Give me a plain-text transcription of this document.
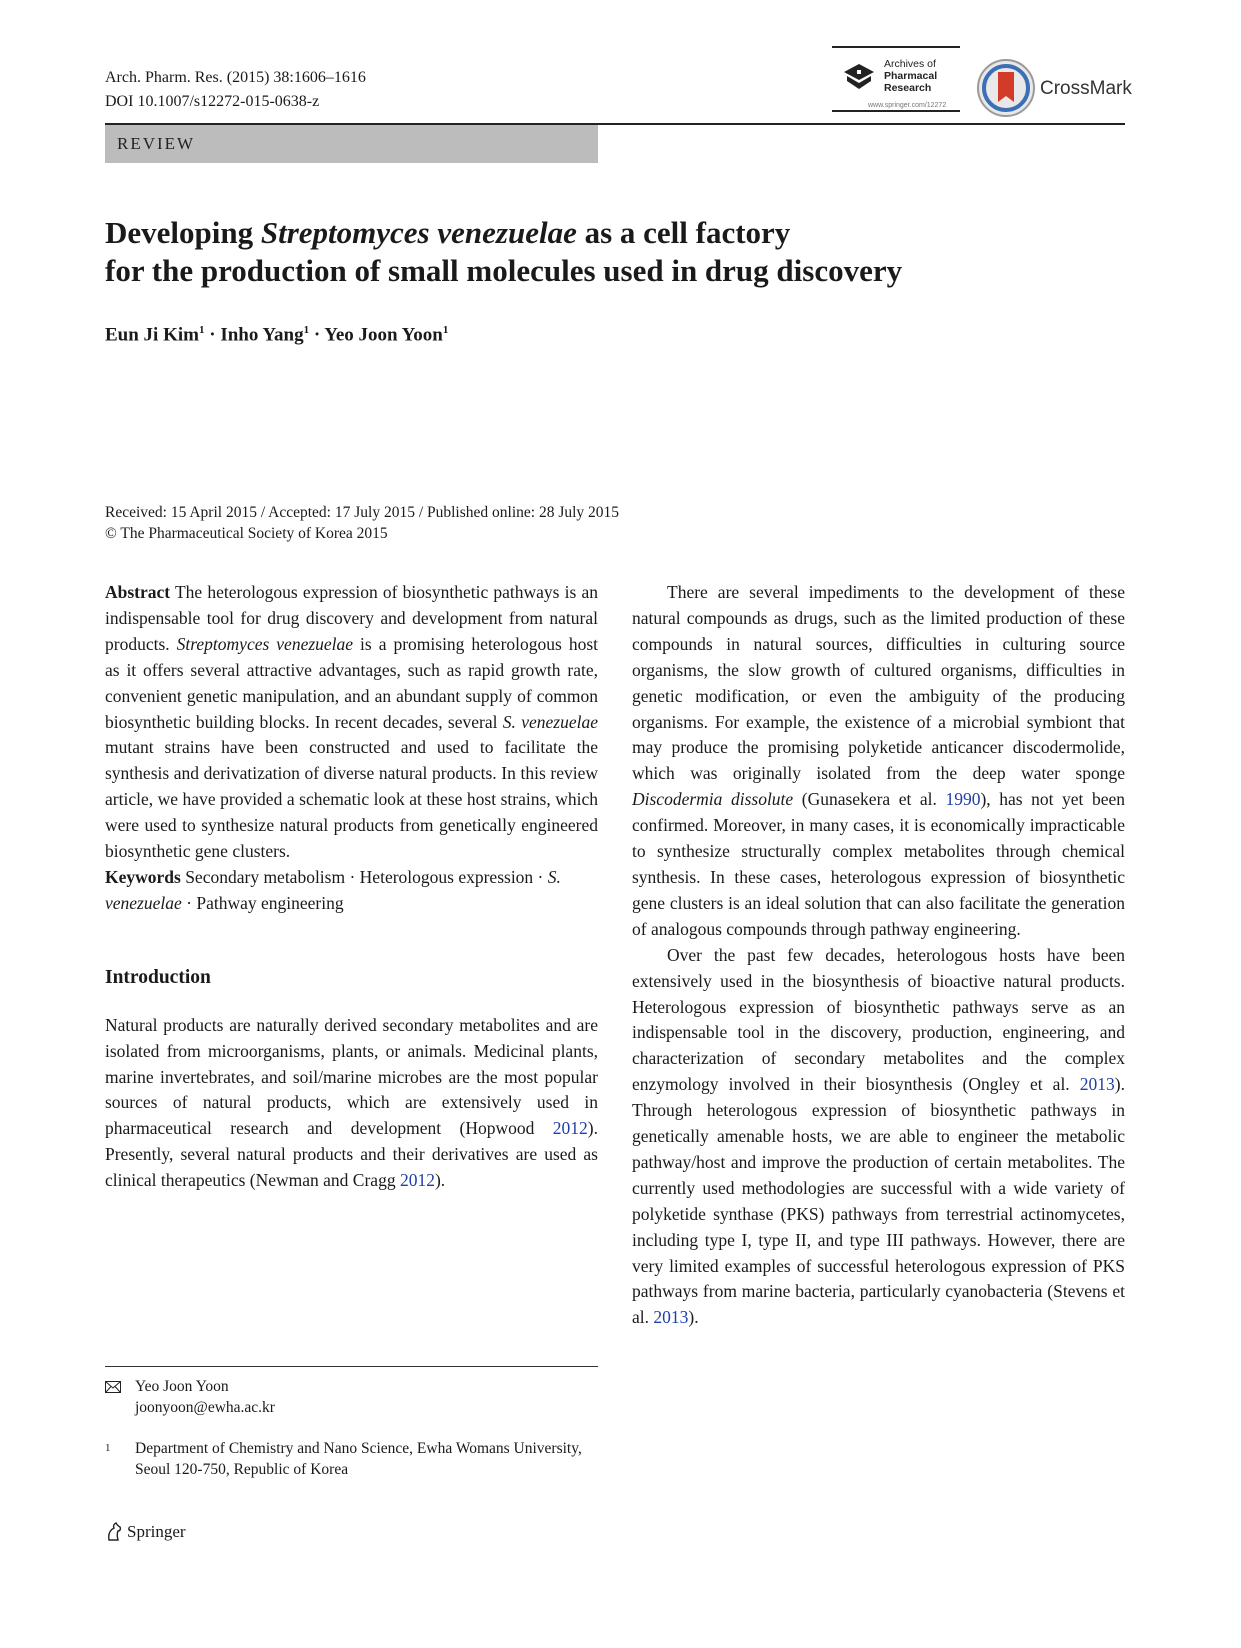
Arch. Pharm. Res. (2015) 38:1606–1616
DOI 10.1007/s12272-015-0638-z
Archives of
Pharmacal
Research
www.springer.com/12272
CrossMark
REVIEW
Developing Streptomyces venezuelae as a cell factory
for the production of small molecules used in drug discovery
Eun Ji Kim$^1$ · Inho Yang$^1$ · Yeo Joon Yoon$^1$
Received: 15 April 2015 / Accepted: 17 July 2015 / Published online: 28 July 2015
© The Pharmaceutical Society of Korea 2015

Abstract The heterologous expression of biosynthetic pathways is an indispensable tool for drug discovery and development from natural products. Streptomyces venezuelae is a promising heterologous host as it offers several attractive advantages, such as rapid growth rate, convenient genetic manipulation, and an abundant supply of common biosynthetic building blocks. In recent decades, several S. venezuelae mutant strains have been constructed and used to facilitate the synthesis and derivatization of diverse natural products. In this review article, we have provided a schematic look at these host strains, which were used to synthesize natural products from genetically engineered biosynthetic gene clusters.

Keywords Secondary metabolism · Heterologous expression · S. venezuelae · Pathway engineering

Introduction

Natural products are naturally derived secondary metabolites and are isolated from microorganisms, plants, or animals. Medicinal plants, marine invertebrates, and soil/marine microbes are the most popular sources of natural products, which are extensively used in pharmaceutical research and development (Hopwood 2012). Presently, several natural products and their derivatives are used as clinical therapeutics (Newman and Cragg 2012).

Yeo Joon Yoon
joonyoon@ewha.ac.kr
1	Department of Chemistry and Nano Science, Ewha Womans University, Seoul 120-750, Republic of Korea

There are several impediments to the development of these natural compounds as drugs, such as the limited production of these compounds in natural sources, difficulties in culturing source organisms, the slow growth of cultured organisms, difficulties in genetic modification, or even the ambiguity of the producing organisms. For example, the existence of a microbial symbiont that may produce the promising polyketide anticancer discodermolide, which was originally isolated from the deep water sponge Discodermia dissolute (Gunasekera et al. 1990), has not yet been confirmed. Moreover, in many cases, it is economically impracticable to synthesize structurally complex metabolites through chemical synthesis. In these cases, heterologous expression of biosynthetic gene clusters is an ideal solution that can also facilitate the generation of analogous compounds through pathway engineering.

Over the past few decades, heterologous hosts have been extensively used in the biosynthesis of bioactive natural products. Heterologous expression of biosynthetic pathways serve as an indispensable tool in the discovery, production, engineering, and characterization of secondary metabolites and the complex enzymology involved in their biosynthesis (Ongley et al. 2013). Through heterologous expression of biosynthetic pathways in genetically amenable hosts, we are able to engineer the metabolic pathway/host and improve the production of certain metabolites. The currently used methodologies are successful with a wide variety of polyketide synthase (PKS) pathways from terrestrial actinomycetes, including type I, type II, and type III pathways. However, there are very limited examples of successful heterologous expression of PKS pathways from marine bacteria, particularly cyanobacteria (Stevens et al. 2013).

Springer
